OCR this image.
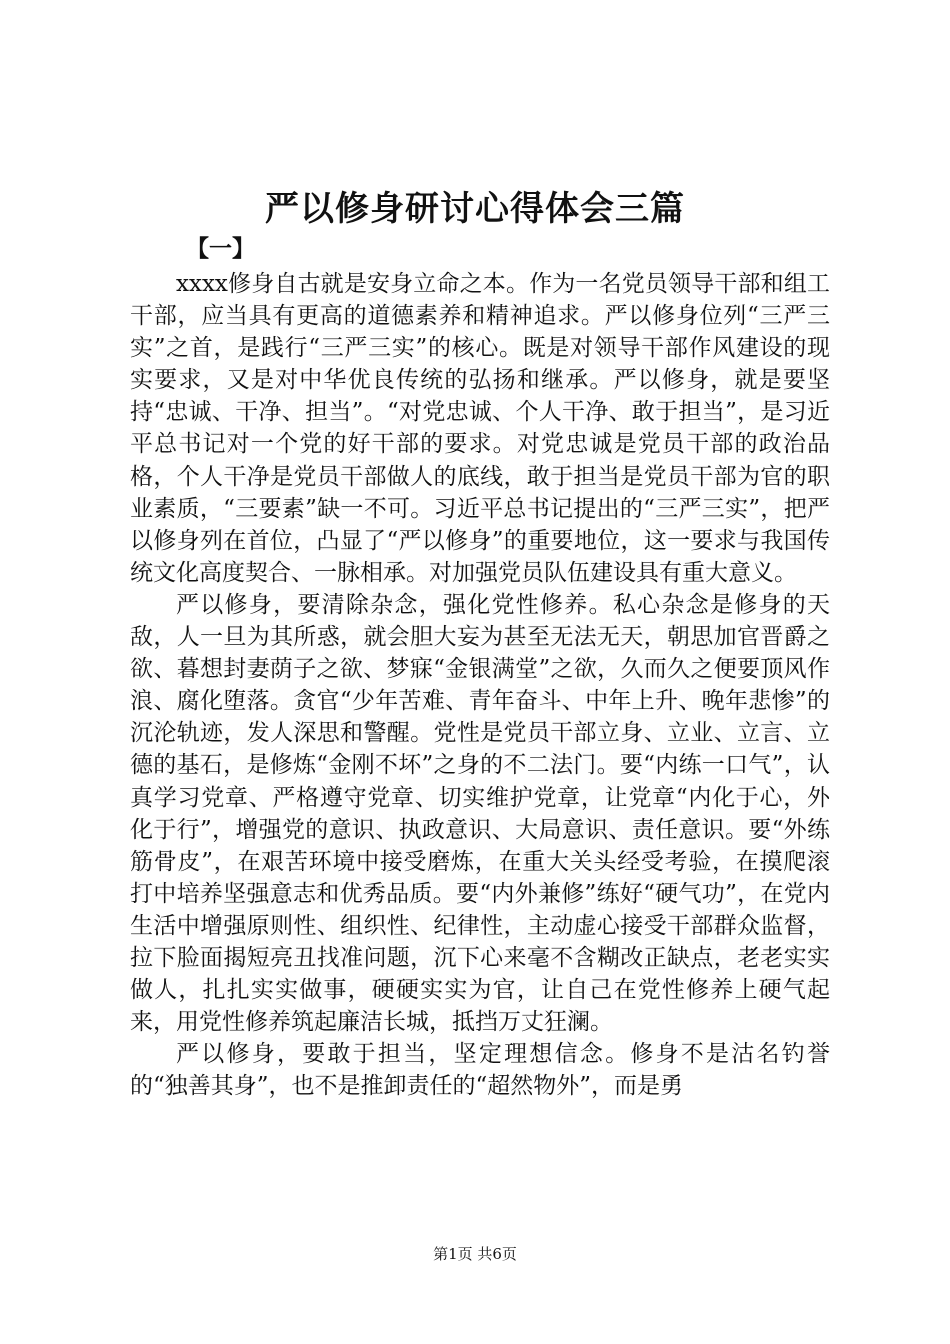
严以修身研讨心得体会三篇
【一】

xxxx修身自古就是安身立命之本。作为一名党员领导干部和组工干部，应当具有更高的道德素养和精神追求。严以修身位列“三严三实”之首，是践行“三严三实”的核心。既是对领导干部作风建设的现实要求，又是对中华优良传统的弘扬和继承。严以修身，就是要坚持“忠诚、干净、担当”。“对党忠诚、个人干净、敢于担当”，是习近平总书记对一个党的好干部的要求。对党忠诚是党员干部的政治品格，个人干净是党员干部做人的底线，敢于担当是党员干部为官的职业素质，“三要素”缺一不可。习近平总书记提出的“三严三实”，把严以修身列在首位，凸显了“严以修身”的重要地位，这一要求与我国传统文化高度契合、一脉相承。对加强党员队伍建设具有重大意义。

严以修身，要清除杂念，强化党性修养。私心杂念是修身的天敌，人一旦为其所惑，就会胆大妄为甚至无法无天，朝思加官晋爵之欲、暮想封妻荫子之欲、梦寐“金银满堂”之欲，久而久之便要顶风作浪、腐化堕落。贪官“少年苦难、青年奋斗、中年上升、晚年悲惨”的沉沦轨迹，发人深思和警醒。党性是党员干部立身、立业、立言、立德的基石，是修炼“金刚不坏”之身的不二法门。要“内练一口气”，认真学习党章、严格遵守党章、切实维护党章，让党章“内化于心，外化于行”，增强党的意识、执政意识、大局意识、责任意识。要“外练筋骨皮”，在艰苦环境中接受磨炼，在重大关头经受考验，在摸爬滚打中培养坚强意志和优秀品质。要“内外兼修”练好“硬气功”，在党内生活中增强原则性、组织性、纪律性，主动虚心接受干部群众监督，拉下脸面揭短亮丑找准问题，沉下心来毫不含糊改正缺点，老老实实做人，扎扎实实做事，硬硬实实为官，让自己在党性修养上硬气起来，用党性修养筑起廉洁长城，抵挡万丈狂澜。

严以修身，要敢于担当，坚定理想信念。修身不是沽名钓誉的“独善其身”，也不是推卸责任的“超然物外”，而是勇

第1页 共6页
